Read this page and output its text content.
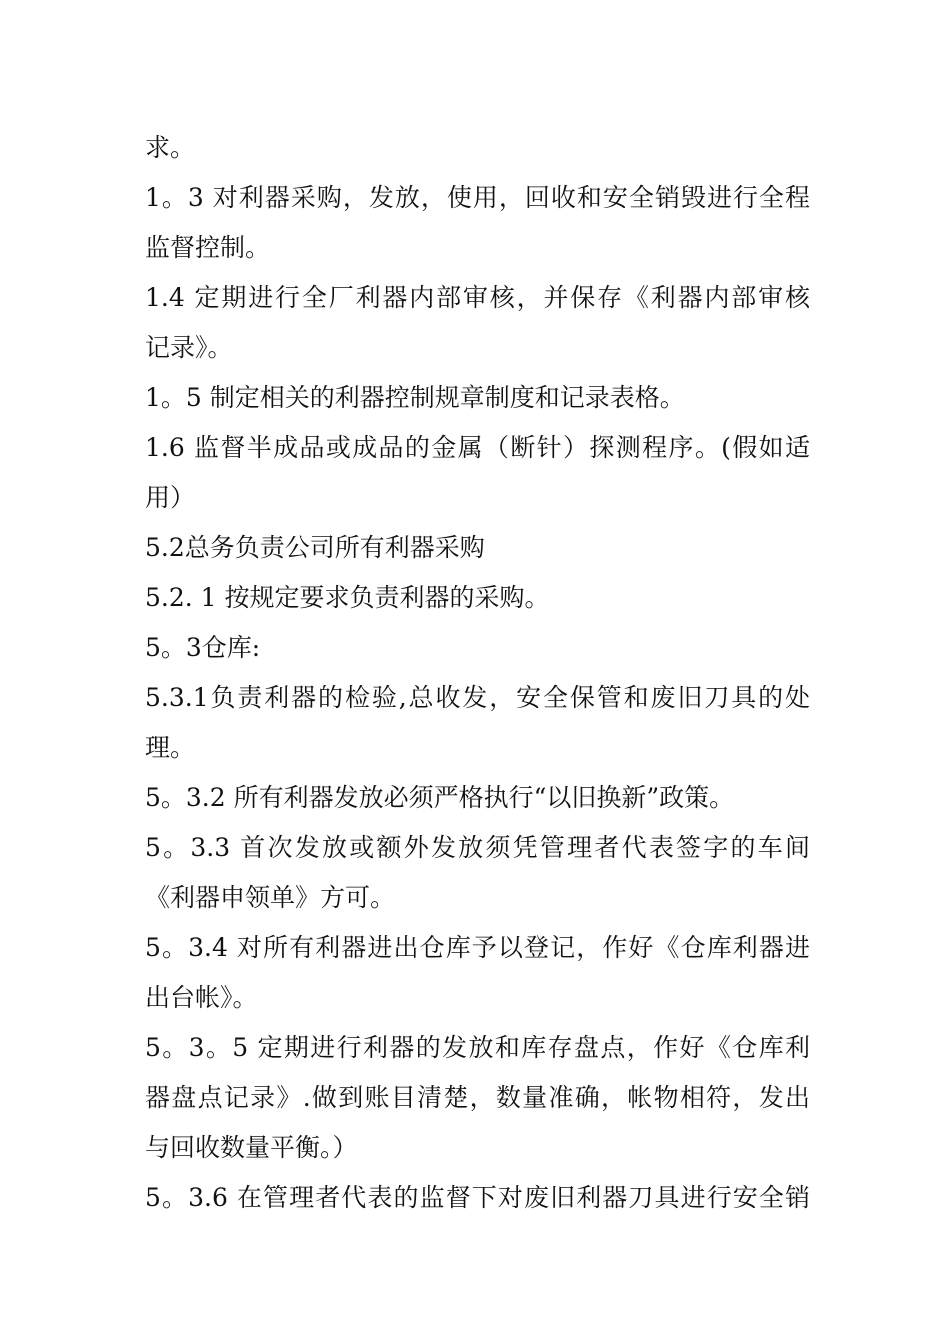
求。
1。3 对利器采购，发放，使用，回收和安全销毁进行全程
监督控制。
1.4 定期进行全厂利器内部审核，并保存《利器内部审核
记录》。
1。5 制定相关的利器控制规章制度和记录表格。
1.6 监督半成品或成品的金属（断针）探测程序。(假如适
用）
5.2总务负责公司所有利器采购
5.2. 1 按规定要求负责利器的采购。
5。3仓库:
5.3.1负责利器的检验,总收发，安全保管和废旧刀具的处
理。
5。3.2 所有利器发放必须严格执行“以旧换新”政策。
5。3.3 首次发放或额外发放须凭管理者代表签字的车间
《利器申领单》方可。
5。3.4 对所有利器进出仓库予以登记，作好《仓库利器进
出台帐》。
5。3。5 定期进行利器的发放和库存盘点，作好《仓库利
器盘点记录》.做到账目清楚，数量准确，帐物相符，发出
与回收数量平衡。）
5。3.6 在管理者代表的监督下对废旧利器刀具进行安全销
